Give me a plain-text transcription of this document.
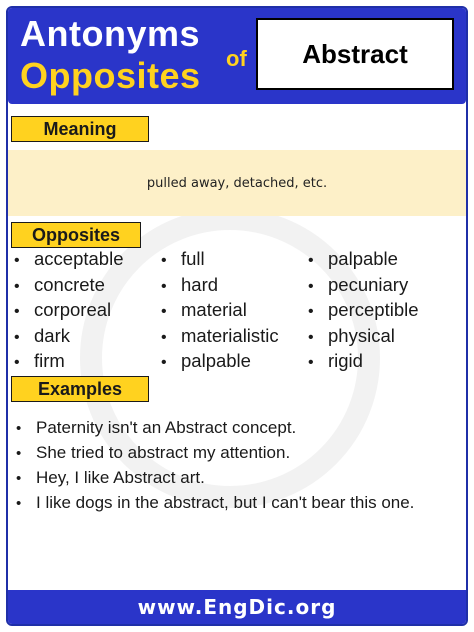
Antonyms
Opposites of	Abstract
Meaning
pulled away, detached, etc.
Opposites
• acceptable
• concrete
• corporeal
• dark
• firm
• full
• hard
• material
• materialistic
• palpable
• palpable
• pecuniary
• perceptible
• physical
• rigid
Examples
• Paternity isn't an Abstract concept.
• She tried to abstract my attention.
• Hey, I like Abstract art.
• I like dogs in the abstract, but I can't bear this one.
www.EngDic.org
